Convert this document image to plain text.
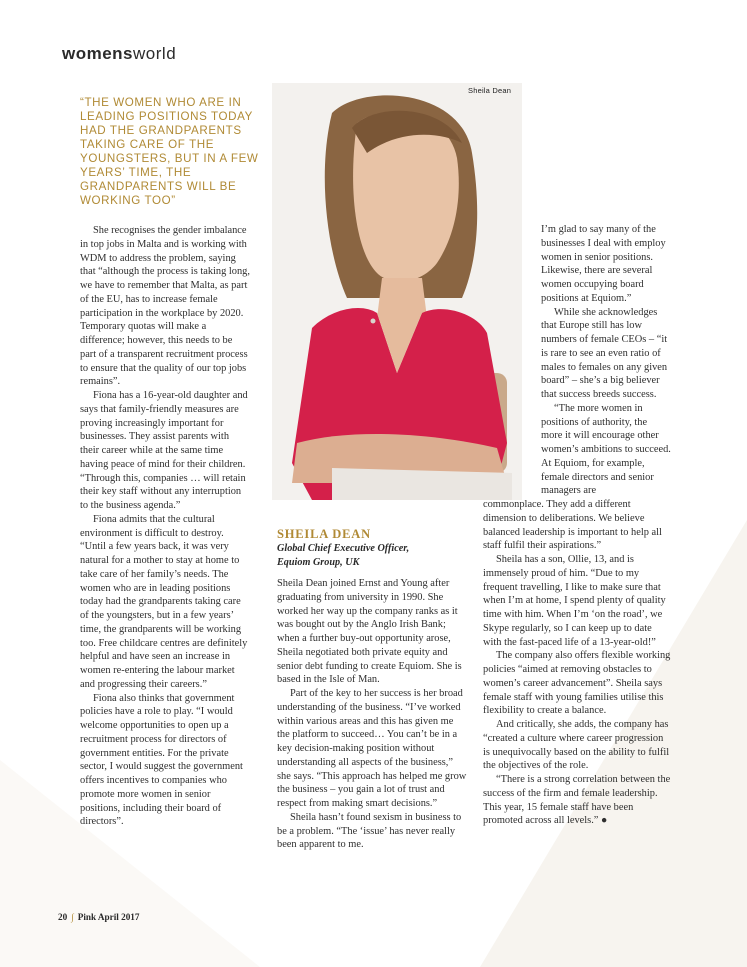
womensworld
“THE WOMEN WHO ARE IN LEADING POSITIONS TODAY HAD THE GRANDPARENTS TAKING CARE OF THE YOUNGSTERS, BUT IN A FEW YEARS’ TIME, THE GRANDPARENTS WILL BE WORKING TOO”

She recognises the gender imbalance in top jobs in Malta and is working with WDM to address the problem, saying that “although the process is taking long, we have to remember that Malta, as part of the EU, has to increase female participation in the workplace by 2020. Temporary quotas will make a difference; however, this needs to be part of a transparent recruitment process to ensure that the quality of our top jobs remains”.

Fiona has a 16-year-old daughter and says that family-friendly measures are proving increasingly important for businesses. They assist parents with their career while at the same time having peace of mind for their children. “Through this, companies … will retain their key staff without any interruption to the business agenda.”

Fiona admits that the cultural environment is difficult to destroy. “Until a few years back, it was very natural for a mother to stay at home to take care of her family’s needs. The women who are in leading positions today had the grandparents taking care of the youngsters, but in a few years’ time, the grandparents will be working too. Free childcare centres are definitely helpful and have seen an increase in women re-entering the labour market and progressing their careers.”

Fiona also thinks that government policies have a role to play. “I would welcome opportunities to open up a recruitment process for directors of government entities. For the private sector, I would suggest the government offers incentives to companies who promote more women in senior positions, including their board of directors”.

Sheila Dean
SHEILA DEAN
Global Chief Executive Officer,
Equiom Group, UK

Sheila Dean joined Ernst and Young after graduating from university in 1990. She worked her way up the company ranks as it was bought out by the Anglo Irish Bank; when a further buy-out opportunity arose, Sheila negotiated both private equity and senior debt funding to create Equiom. She is based in the Isle of Man.

Part of the key to her success is her broad understanding of the business. “I’ve worked within various areas and this has given me the platform to succeed… You can’t be in a key decision-making position without understanding all aspects of the business,” she says. “This approach has helped me grow the business – you gain a lot of trust and respect from making smart decisions.”

Sheila hasn’t found sexism in business to be a problem. “The ‘issue’ has never really been apparent to me.

I’m glad to say many of the businesses I deal with employ women in senior positions. Likewise, there are several women occupying board positions at Equiom.”

While she acknowledges that Europe still has low numbers of female CEOs – “it is rare to see an even ratio of males to females on any given board” – she’s a big believer that success breeds success.

“The more women in positions of authority, the more it will encourage other women’s ambitions to succeed. At Equiom, for example, female directors and senior managers are

commonplace. They add a different dimension to deliberations. We believe balanced leadership is important to help all staff fulfil their aspirations.”

Sheila has a son, Ollie, 13, and is immensely proud of him. “Due to my frequent travelling, I like to make sure that when I’m at home, I spend plenty of quality time with him. When I’m ‘on the road’, we Skype regularly, so I can keep up to date with the fast-paced life of a 13-year-old!”

The company also offers flexible working policies “aimed at removing obstacles to women’s career advancement”. Sheila says female staff with young families utilise this flexibility to create a balance.

And critically, she adds, the company has “created a culture where career progression is unequivocally based on the ability to fulfil the objectives of the role.

“There is a strong correlation between the success of the firm and female leadership. This year, 15 female staff have been promoted across all levels.” ●

20 ∫ Pink April 2017
